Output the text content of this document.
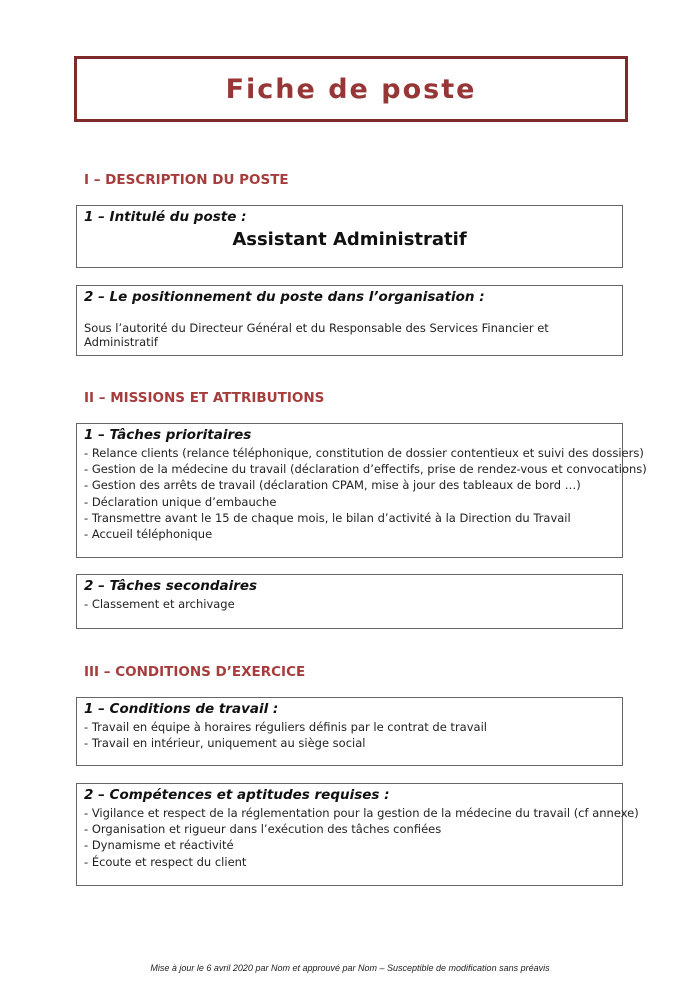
Fiche de poste
I – DESCRIPTION DU POSTE

1 – Intitulé du poste :

Assistant Administratif

2 – Le positionnement du poste dans l’organisation :

Sous l’autorité du Directeur Général et du Responsable des Services Financier et Administratif

II – MISSIONS ET ATTRIBUTIONS

1 – Tâches prioritaires

- Relance clients (relance téléphonique, constitution de dossier contentieux et suivi des dossiers)
- Gestion de la médecine du travail (déclaration d’effectifs, prise de rendez-vous et convocations)
- Gestion des arrêts de travail (déclaration CPAM, mise à jour des tableaux de bord …)
- Déclaration unique d’embauche
- Transmettre avant le 15 de chaque mois, le bilan d’activité à la Direction du Travail
- Accueil téléphonique

2 – Tâches secondaires

- Classement et archivage
III – CONDITIONS D’EXERCICE

1 – Conditions de travail :

- Travail en équipe à horaires réguliers définis par le contrat de travail
- Travail en intérieur, uniquement au siège social

2 – Compétences et aptitudes requises :

- Vigilance et respect de la réglementation pour la gestion de la médecine du travail (cf annexe)
- Organisation et rigueur dans l’exécution des tâches confiées
- Dynamisme et réactivité
- Écoute et respect du client
Mise à jour le 6 avril 2020 par Nom et approuvé par Nom – Susceptible de modification sans préavis
